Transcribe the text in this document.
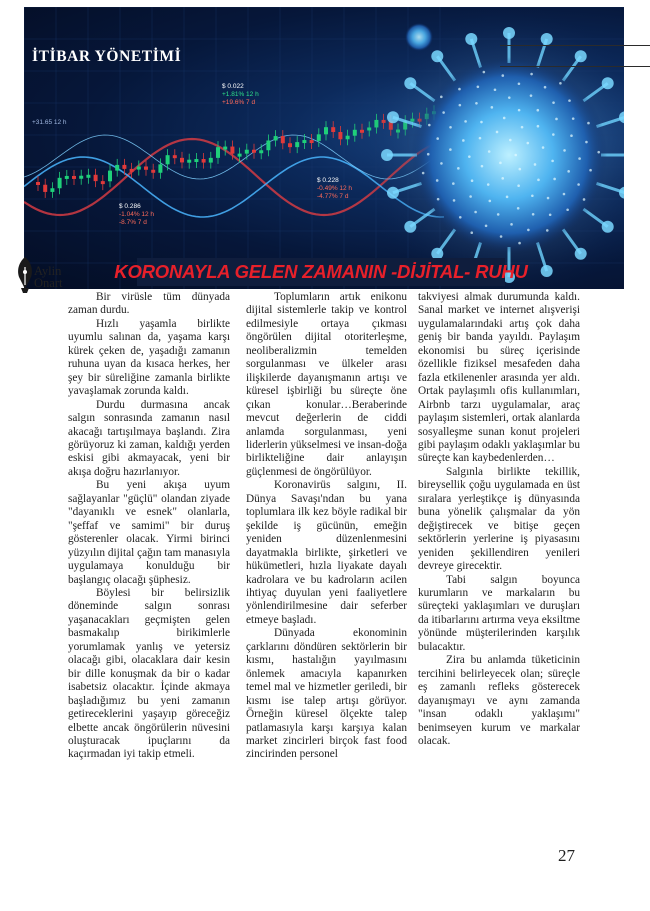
İTİBAR YÖNETİMİ
$ 0.022
+1.81% 12 h
+19.6% 7 d
$ 0.228
-0.49% 12 h
-4.77% 7 d
$ 0.286
-1.04% 12 h
-8.7% 7 d
+31.65 12 h
KORONAYLA GELEN ZAMANIN -DİJİTAL- RUHU
Aylin
Onart

Bir virüsle tüm dünyada zaman durdu.

Hızlı yaşamla birlikte uyumlu salınan da, yaşama karşı kürek çeken de, yaşadığı zamanın ruhuna uyan da kısaca herkes, her şey bir süreliğine zamanla birlikte yavaşlamak zorunda kaldı.

Durdu durmasına ancak salgın sonrasında zamanın nasıl akacağı tartışılmaya başlandı. Zira görüyoruz ki zaman, kaldığı yerden eskisi gibi akmayacak, yeni bir akışa doğru hazırlanıyor.

Bu yeni akışa uyum sağlayanlar "güçlü" olandan ziyade "dayanıklı ve esnek" olanlarla, "şeffaf ve samimi" bir duruş gösterenler olacak. Yirmi birinci yüzyılın dijital çağın tam manasıyla uygulamaya konulduğu bir başlangıç olacağı şüphesiz.

Böylesi bir belirsizlik döneminde salgın sonrası yaşanacakları geçmişten gelen basmakalıp birikimlerle yorumlamak yanlış ve yetersiz olacağı gibi, olacaklara dair kesin bir dille konuşmak da bir o kadar isabetsiz olacaktır. İçinde akmaya başladığımız bu yeni zamanın getireceklerini yaşayıp göreceğiz elbette ancak öngörülerin nüvesini oluşturacak ipuçlarını da kaçırmadan iyi takip etmeli.

Toplumların artık enikonu dijital sistemlerle takip ve kontrol edilmesiyle ortaya çıkması öngörülen dijital otoriterleşme, neoliberalizmin temelden sorgulanması ve ülkeler arası ilişkilerde dayanışmanın artışı ve küresel işbirliği bu süreçte öne çıkan konular…Beraberinde mevcut değerlerin de ciddi anlamda sorgulanması, yeni liderlerin yükselmesi ve insan-doğa birlikteliğine dair anlayışın güçlenmesi de öngörülüyor.

Koronavirüs salgını, II. Dünya Savaşı'ndan bu yana toplumlara ilk kez böyle radikal bir şekilde iş gücünün, emeğin yeniden düzenlenmesini dayatmakla birlikte, şirketleri ve hükümetleri, hızla liyakate dayalı kadrolara ve bu kadroların acilen ihtiyaç duyulan yeni faaliyetlere yönlendirilmesine dair seferber etmeye başladı.

Dünyada ekonominin çarklarını döndüren sektörlerin bir kısmı, hastalığın yayılmasını önlemek amacıyla kapanırken temel mal ve hizmetler geriledi, bir kısmı ise talep artışı görüyor. Örneğin küresel ölçekte talep patlamasıyla karşı karşıya kalan market zincirleri birçok fast food zincirinden personel

takviyesi almak durumunda kaldı. Sanal market ve internet alışverişi uygulamalarındaki artış çok daha geniş bir banda yayıldı. Paylaşım ekonomisi bu süreç içerisinde özellikle fiziksel mesafeden daha fazla etkilenenler arasında yer aldı. Ortak paylaşımlı ofis kullanımları, Airbnb tarzı uygulamalar, araç paylaşım sistemleri, ortak alanlarda sosyalleşme sunan konut projeleri gibi paylaşım odaklı yaklaşımlar bu süreçte kan kaybedenlerden…

Salgınla birlikte tekillik, bireysellik çoğu uygulamada en üst sıralara yerleştikçe iş dünyasında buna yönelik çalışmalar da yön değiştirecek ve bitişe geçen sektörlerin yerlerine iş piyasasını yeniden şekillendiren yenileri devreye girecektir.

Tabi salgın boyunca kurumların ve markaların bu süreçteki yaklaşımları ve duruşları da itibarlarını artırma veya eksiltme yönünde müşterilerinden karşılık bulacaktır.

Zira bu anlamda tüketicinin tercihini belirleyecek olan; süreçle eş zamanlı refleks gösterecek dayanışmayı ve aynı zamanda "insan odaklı yaklaşımı" benimseyen kurum ve markalar olacak.

27
